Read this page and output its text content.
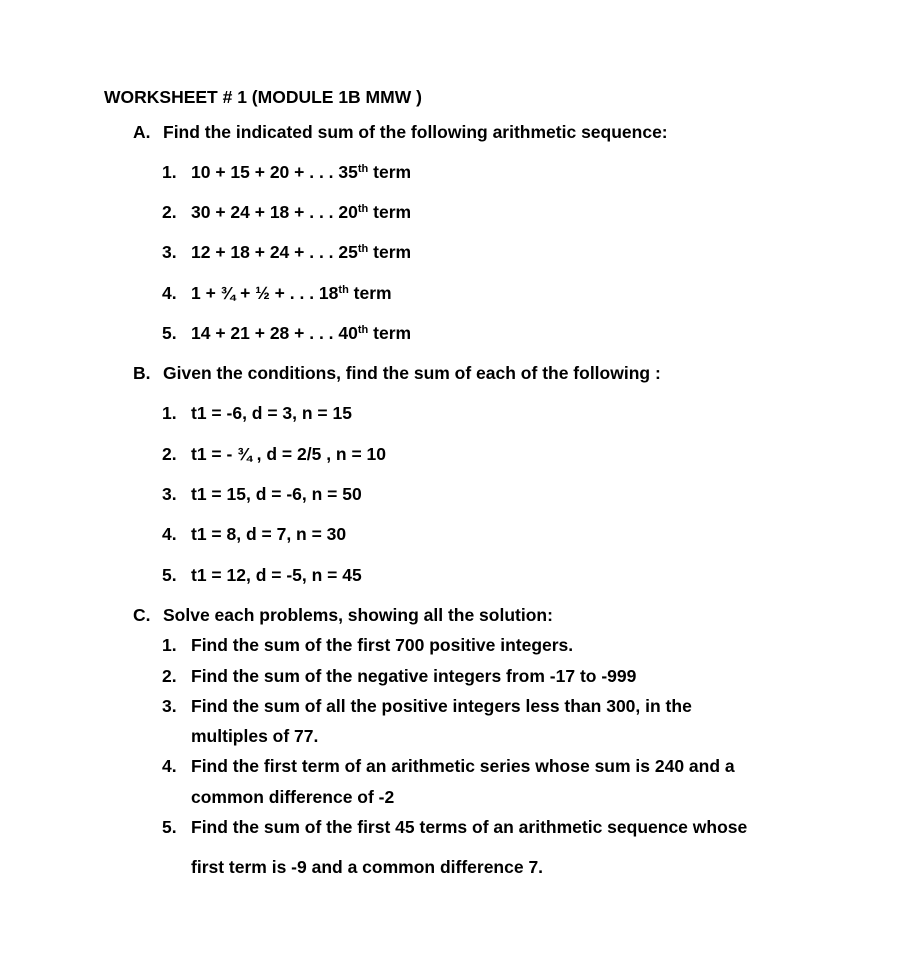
WORKSHEET # 1 (MODULE 1B MMW )
A. Find the indicated sum of the following arithmetic sequence:
1. 10 + 15 + 20 + . . . 35th term
2. 30 + 24 + 18 + . . . 20th term
3. 12 + 18 + 24 + . . . 25th term
4. 1 + ¾ + ½ + . . . 18th term
5. 14 + 21 + 28 + . . . 40th term
B. Given the conditions, find the sum of each of the following :
1. t1 = -6, d = 3, n = 15
2. t1 = - ¾ , d = 2/5 , n = 10
3. t1 = 15, d = -6, n = 50
4. t1 = 8, d = 7, n = 30
5. t1 = 12, d = -5, n = 45
C. Solve each problems, showing all the solution:
1. Find the sum of the first 700 positive integers.
2. Find the sum of the negative integers from -17 to -999
3. Find the sum of all the positive integers less than 300, in the
multiples of 77.
4. Find the first term of an arithmetic series whose sum is 240 and a
common difference of -2
5. Find the sum of the first 45 terms of an arithmetic sequence whose
first term is -9 and a common difference 7.
